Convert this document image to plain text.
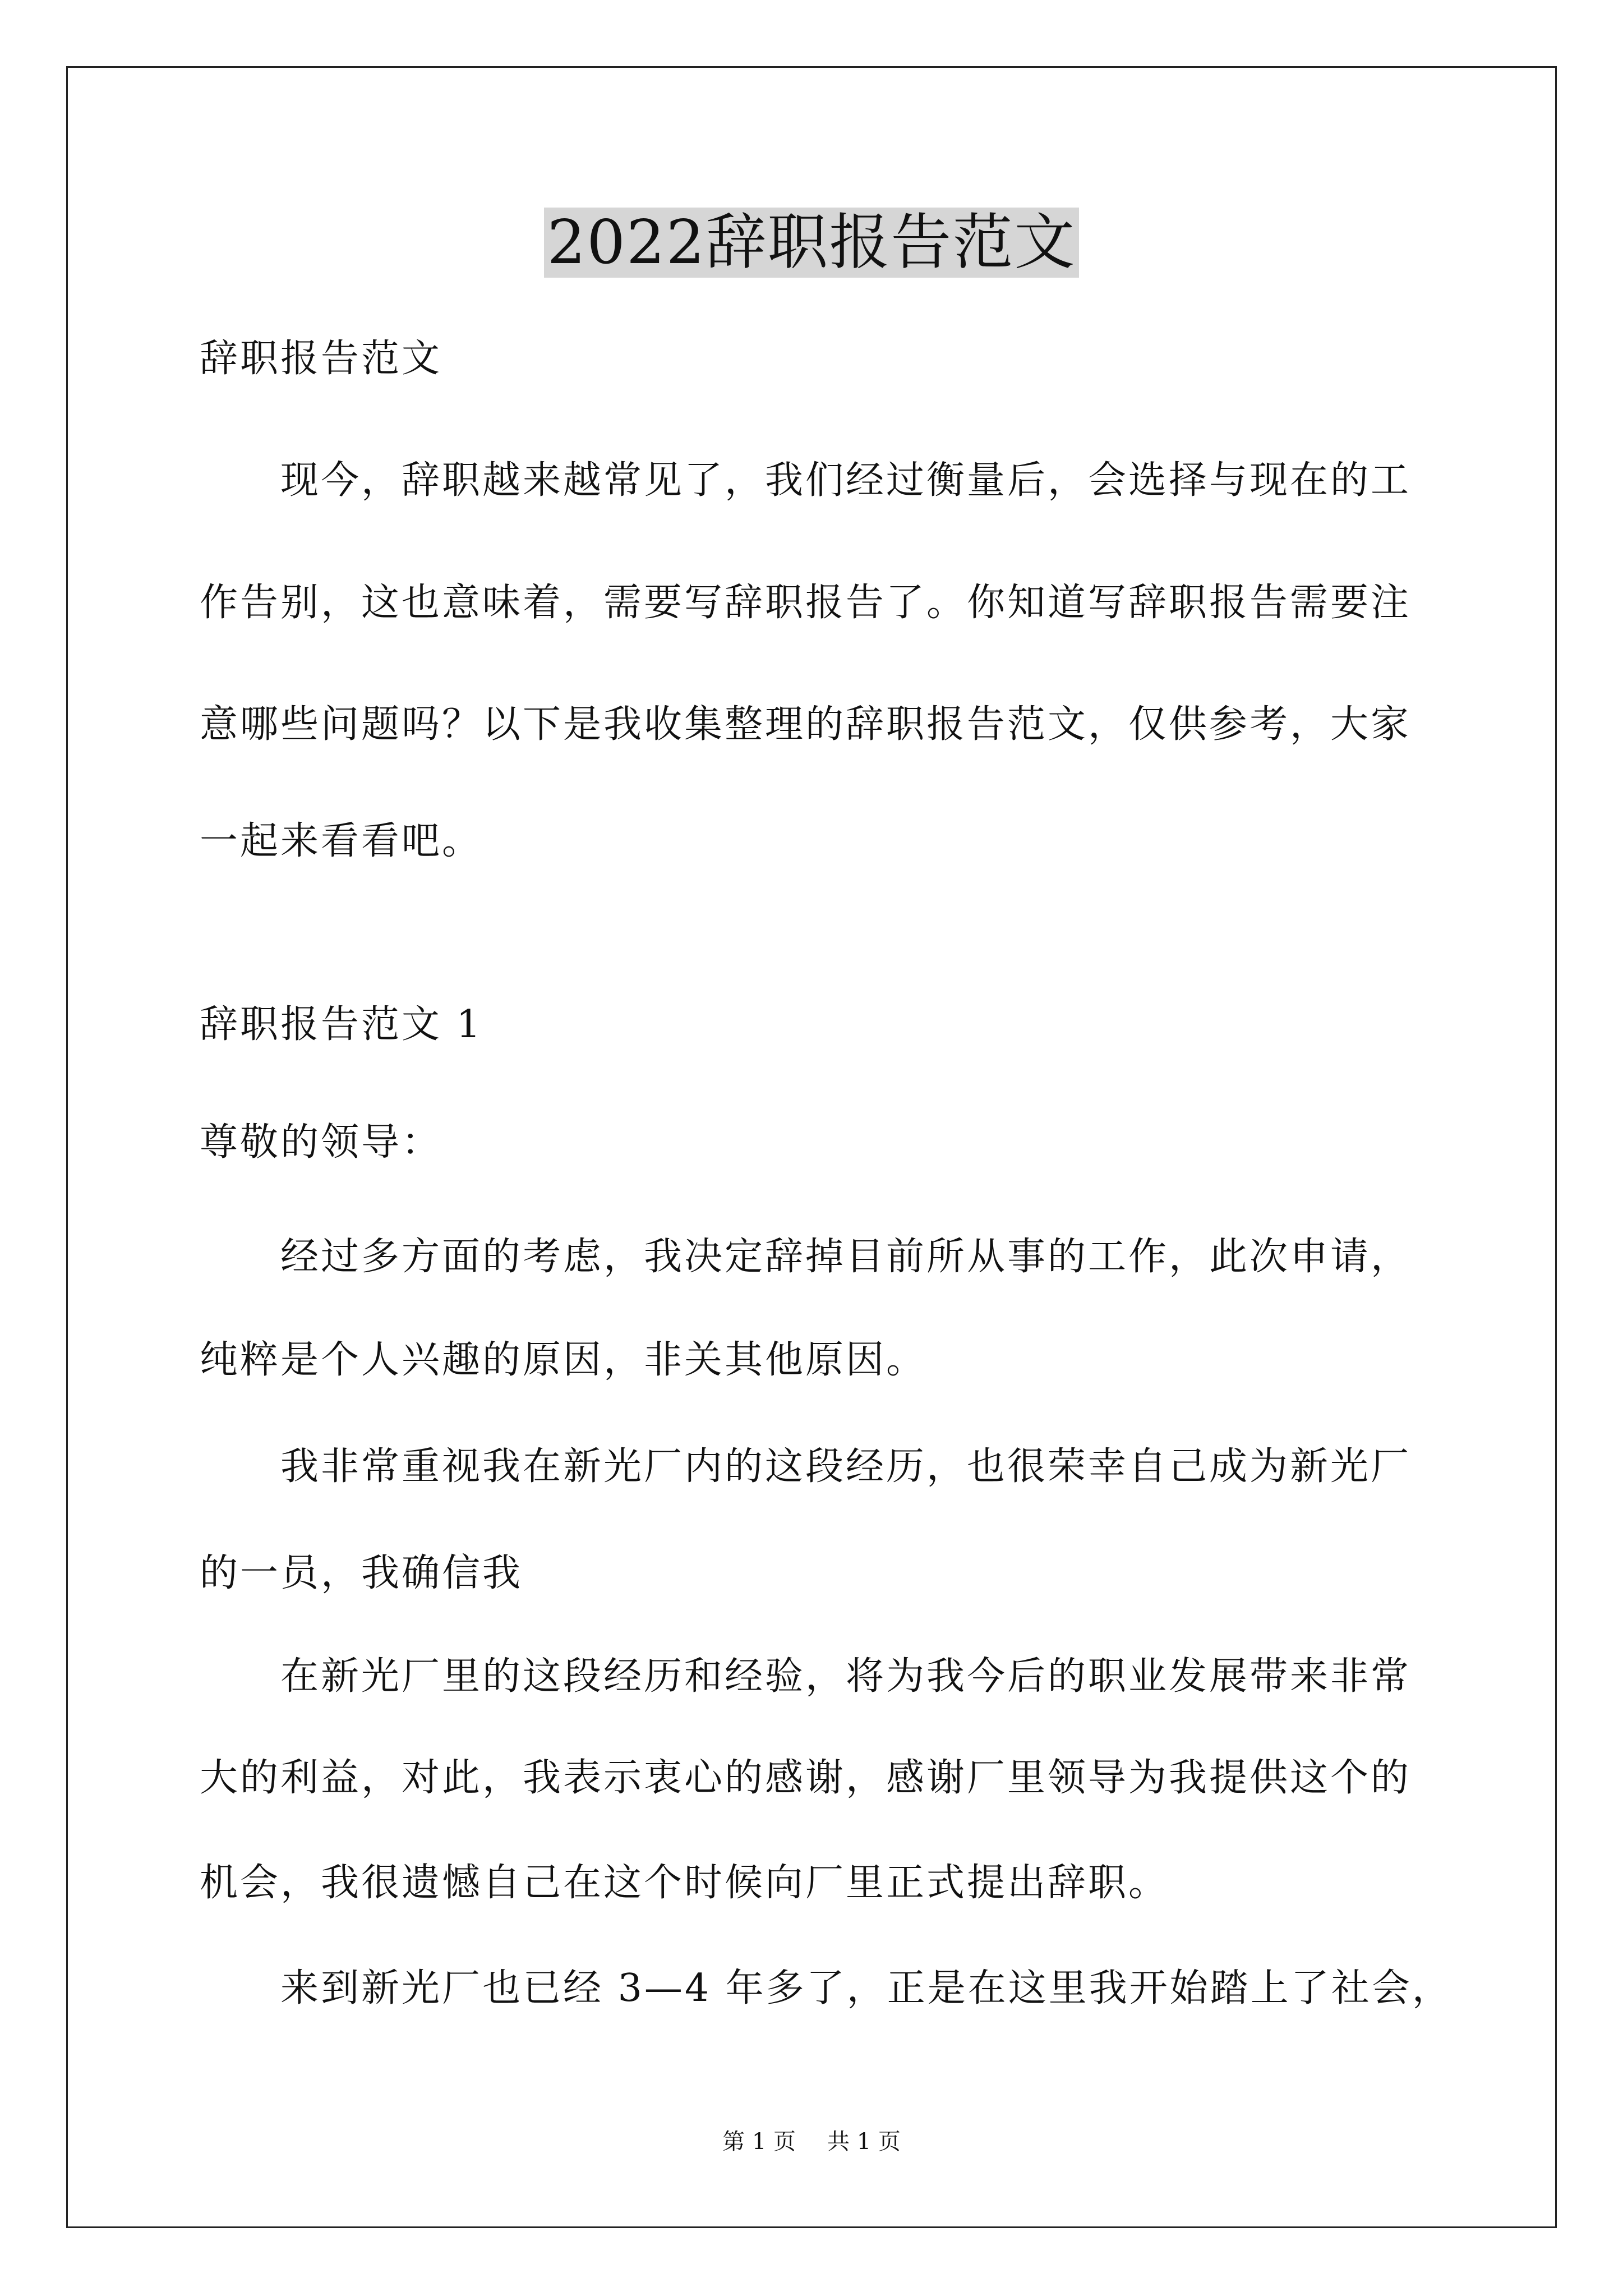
2022辞职报告范文
辞职报告范文
现今，辞职越来越常见了，我们经过衡量后，会选择与现在的工
作告别，这也意味着，需要写辞职报告了。你知道写辞职报告需要注
意哪些问题吗？以下是我收集整理的辞职报告范文，仅供参考，大家
一起来看看吧。
辞职报告范文 1
尊敬的领导：
经过多方面的考虑，我决定辞掉目前所从事的工作，此次申请，
纯粹是个人兴趣的原因，非关其他原因。
我非常重视我在新光厂内的这段经历，也很荣幸自己成为新光厂
的一员，我确信我
在新光厂里的这段经历和经验，将为我今后的职业发展带来非常
大的利益，对此，我表示衷心的感谢，感谢厂里领导为我提供这个的
机会，我很遗憾自己在这个时候向厂里正式提出辞职。
来到新光厂也已经 3—4 年多了，正是在这里我开始踏上了社会，
第 1 页 共 1 页
